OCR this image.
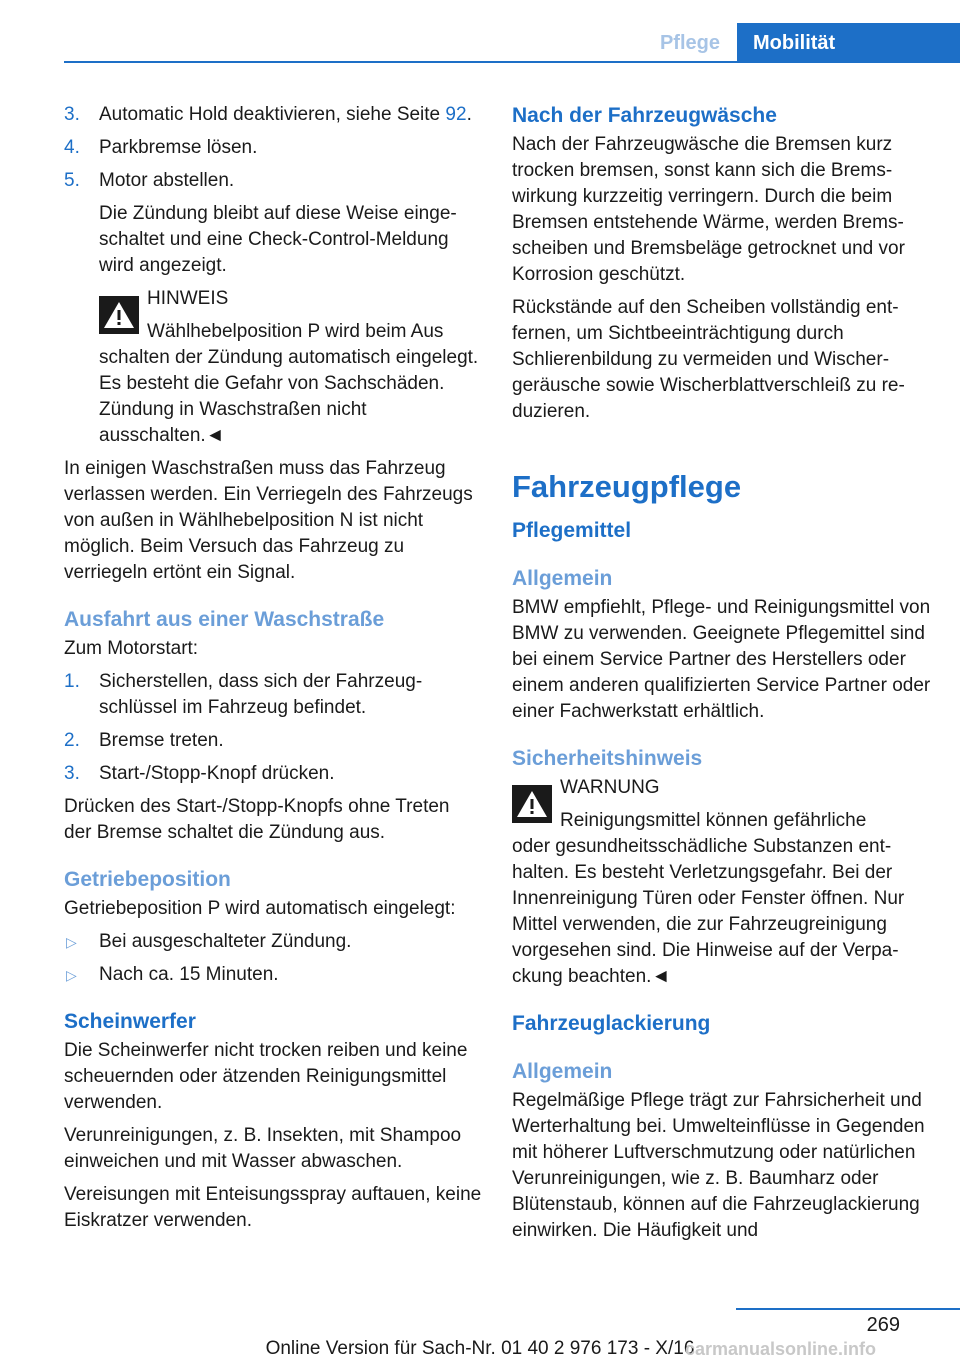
Pflege	Mobilität
3. Automatic Hold deaktivieren, siehe Seite 92.
4. Parkbremse lösen.
5. Motor abstellen.

Die Zündung bleibt auf diese Weise eingeschaltet und eine Check-Control-Meldung wird angezeigt.

HINWEIS
Wählhebelposition P wird beim Aus
schalten der Zündung automatisch eingelegt. Es besteht die Gefahr von Sachschäden. Zündung in Waschstraßen nicht ausschalten.◄

In einigen Waschstraßen muss das Fahrzeug verlassen werden. Ein Verriegeln des Fahrzeugs von außen in Wählhebelposition N ist nicht möglich. Beim Versuch das Fahrzeug zu verriegeln ertönt ein Signal.

Ausfahrt aus einer Waschstraße

Zum Motorstart:

1. Sicherstellen, dass sich der Fahrzeugschlüssel im Fahrzeug befindet.
2. Bremse treten.
3. Start-/Stopp-Knopf drücken.

Drücken des Start-/Stopp-Knopfs ohne Treten der Bremse schaltet die Zündung aus.

Getriebeposition

Getriebeposition P wird automatisch eingelegt:

▷ Bei ausgeschalteter Zündung.
▷ Nach ca. 15 Minuten.
Scheinwerfer

Die Scheinwerfer nicht trocken reiben und keine scheuernden oder ätzenden Reinigungsmittel verwenden.

Verunreinigungen, z. B. Insekten, mit Shampoo einweichen und mit Wasser abwaschen.

Vereisungen mit Enteisungsspray auftauen, keine Eiskratzer verwenden.

Nach der Fahrzeugwäsche

Nach der Fahrzeugwäsche die Bremsen kurz trocken bremsen, sonst kann sich die Bremswirkung kurzzeitig verringern. Durch die beim Bremsen entstehende Wärme, werden Bremsscheiben und Bremsbeläge getrocknet und vor Korrosion geschützt.

Rückstände auf den Scheiben vollständig entfernen, um Sichtbeeinträchtigung durch Schlierenbildung zu vermeiden und Wischergeräusche sowie Wischerblattverschleiß zu reduzieren.

Fahrzeugpflege
Pflegemittel
Allgemein

BMW empfiehlt, Pflege- und Reinigungsmittel von BMW zu verwenden. Geeignete Pflegemittel sind bei einem Service Partner des Herstellers oder einem anderen qualifizierten Service Partner oder einer Fachwerkstatt erhältlich.

Sicherheitshinweis
WARNUNG
Reinigungsmittel können gefährliche
oder gesundheitsschädliche Substanzen enthalten. Es besteht Verletzungsgefahr. Bei der Innenreinigung Türen oder Fenster öffnen. Nur Mittel verwenden, die zur Fahrzeugreinigung vorgesehen sind. Die Hinweise auf der Verpackung beachten.◄
Fahrzeuglackierung
Allgemein

Regelmäßige Pflege trägt zur Fahrsicherheit und Werterhaltung bei. Umwelteinflüsse in Gegenden mit höherer Luftverschmutzung oder natürlichen Verunreinigungen, wie z. B. Baumharz oder Blütenstaub, können auf die Fahrzeuglackierung einwirken. Die Häufigkeit und

269
Online Version für Sach-Nr. 01 40 2 976 173 - X/16
carmanualsonline.info
